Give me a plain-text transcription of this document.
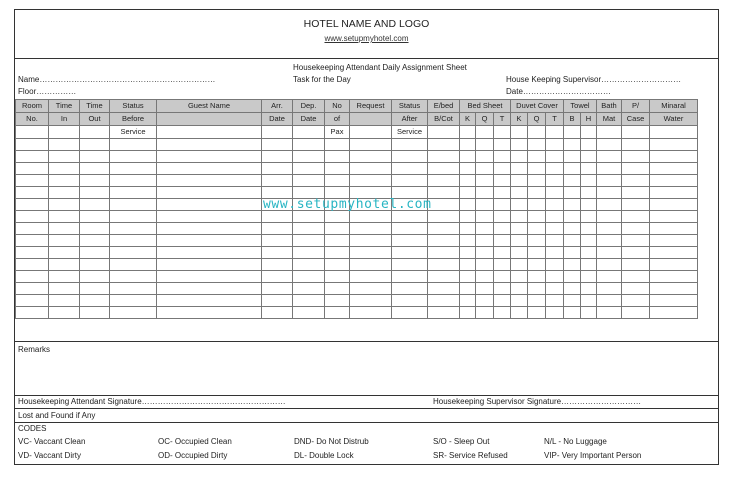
HOTEL NAME AND LOGO
www.setupmyhotel.com
Housekeeping Attendant Daily Assignment Sheet
Name…………………………………………………………	Task for the Day	House Keeping Supervisor…………………………
Floor……………	Date……………………………
Room	Time	Time	Status	Guest Name	Arr.	Dep.	No	Request	Status	E/bed	Bed Sheet			Duvet Cover			Towel		Bath	P/	Minaral
No.	In	Out	Before		Date	Date	of		After	B/Cot	K	Q	T	K	Q	T	B	H	Mat	Case	Water
			Service				Pax		Service												

www.setupmyhotel.com
Remarks
Housekeeping Attendant Signature………………………………………………	Housekeeping Supervisor Signature…………………………
Lost and Found if Any
CODES
VC- Vaccant Clean	OC- Occupied Clean	DND- Do Not Distrub	S/O - Sleep Out	N/L - No Luggage
VD- Vaccant Dirty	OD- Occupied Dirty	DL- Double Lock	SR- Service Refused	VIP- Very Important Person
